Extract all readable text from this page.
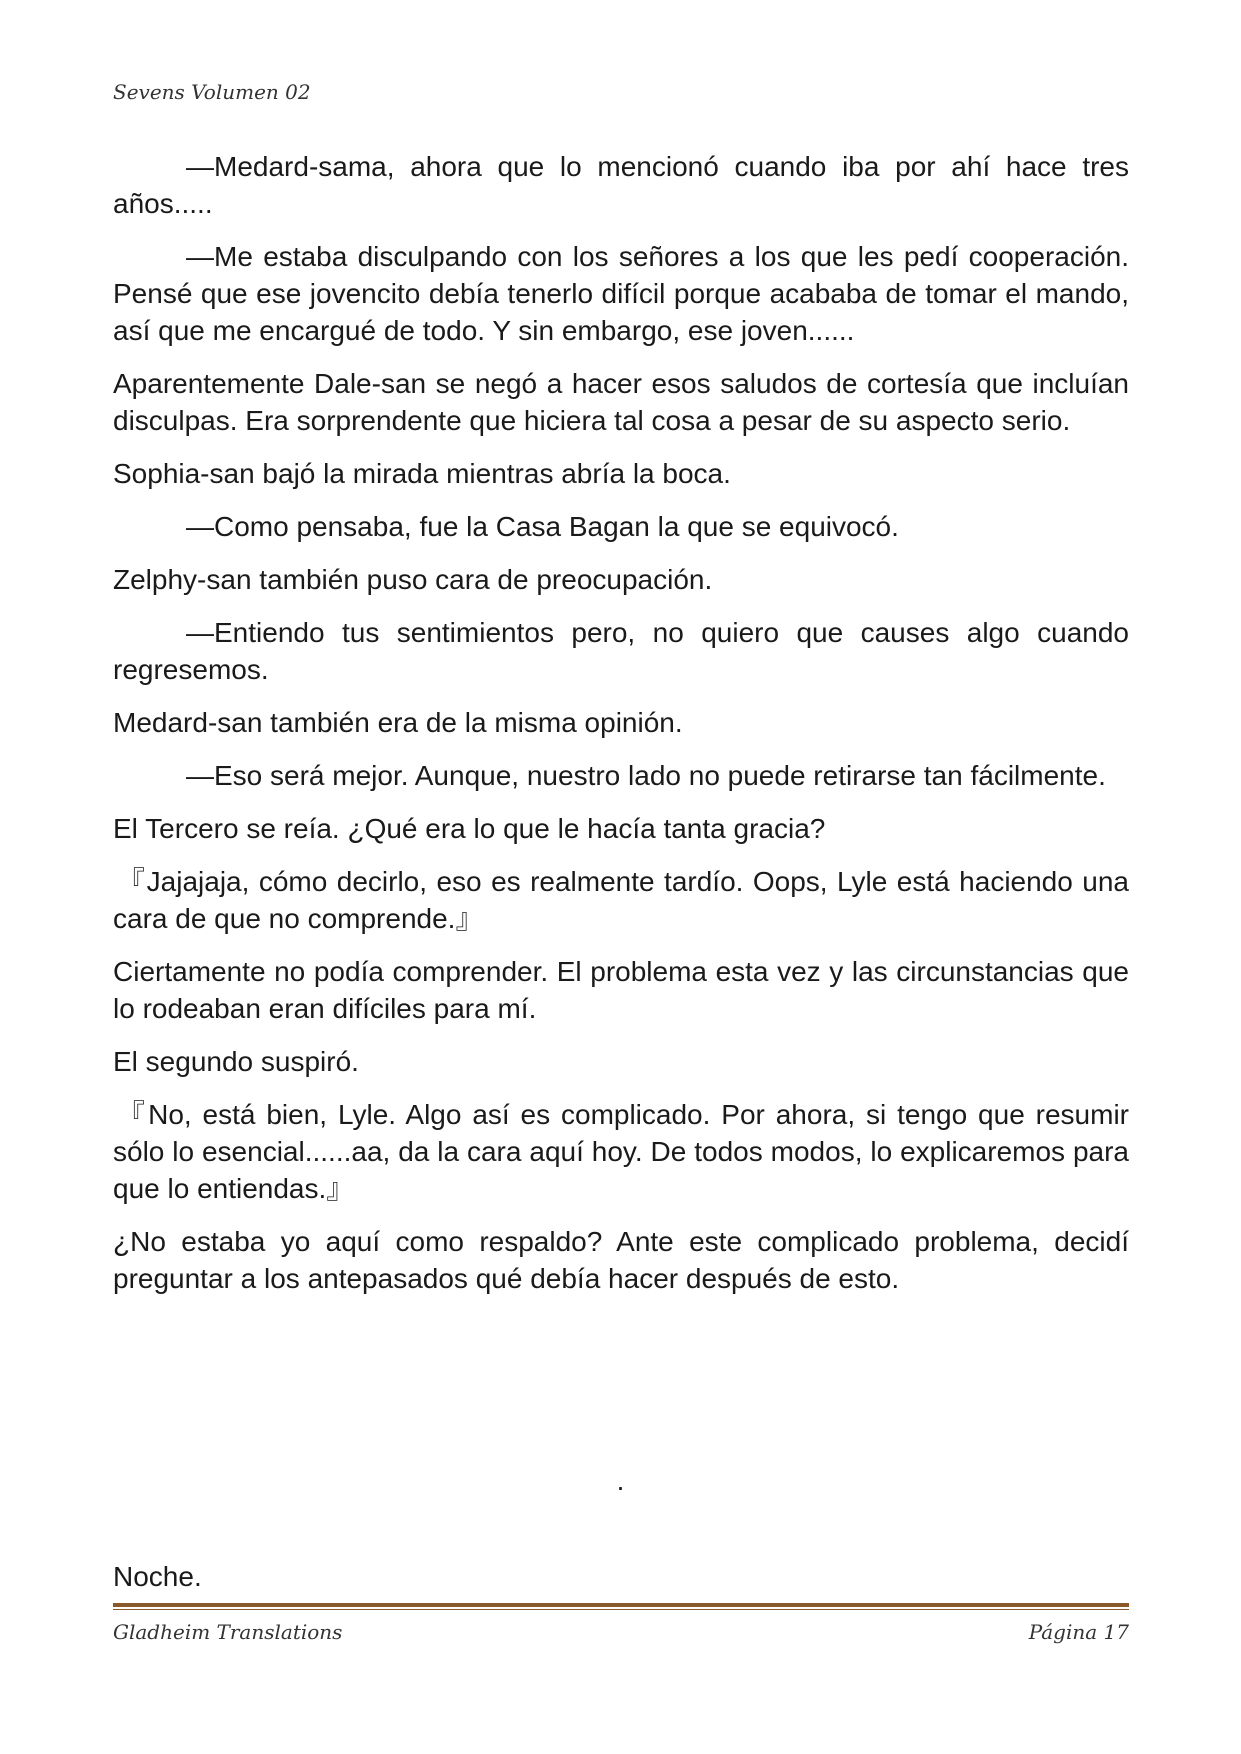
Sevens Volumen 02

—Medard-sama, ahora que lo mencionó cuando iba por ahí hace tres años.....

—Me estaba disculpando con los señores a los que les pedí cooperación. Pensé que ese jovencito debía tenerlo difícil porque acababa de tomar el mando, así que me encargué de todo. Y sin embargo, ese joven......

Aparentemente Dale-san se negó a hacer esos saludos de cortesía que incluían disculpas. Era sorprendente que hiciera tal cosa a pesar de su aspecto serio.

Sophia-san bajó la mirada mientras abría la boca.

—Como pensaba, fue la Casa Bagan la que se equivocó.

Zelphy-san también puso cara de preocupación.

—Entiendo tus sentimientos pero, no quiero que causes algo cuando regresemos.

Medard-san también era de la misma opinión.

—Eso será mejor. Aunque, nuestro lado no puede retirarse tan fácilmente.

El Tercero se reía. ¿Qué era lo que le hacía tanta gracia?

『Jajajaja, cómo decirlo, eso es realmente tardío. Oops, Lyle está haciendo una cara de que no comprende.』

Ciertamente no podía comprender. El problema esta vez y las circunstancias que lo rodeaban eran difíciles para mí.

El segundo suspiró.

『No, está bien, Lyle. Algo así es complicado. Por ahora, si tengo que resumir sólo lo esencial......aa, da la cara aquí hoy. De todos modos, lo explicaremos para que lo entiendas.』

¿No estaba yo aquí como respaldo? Ante este complicado problema, decidí preguntar a los antepasados qué debía hacer después de esto.

.
Noche.
Gladheim Translations	Página 17
